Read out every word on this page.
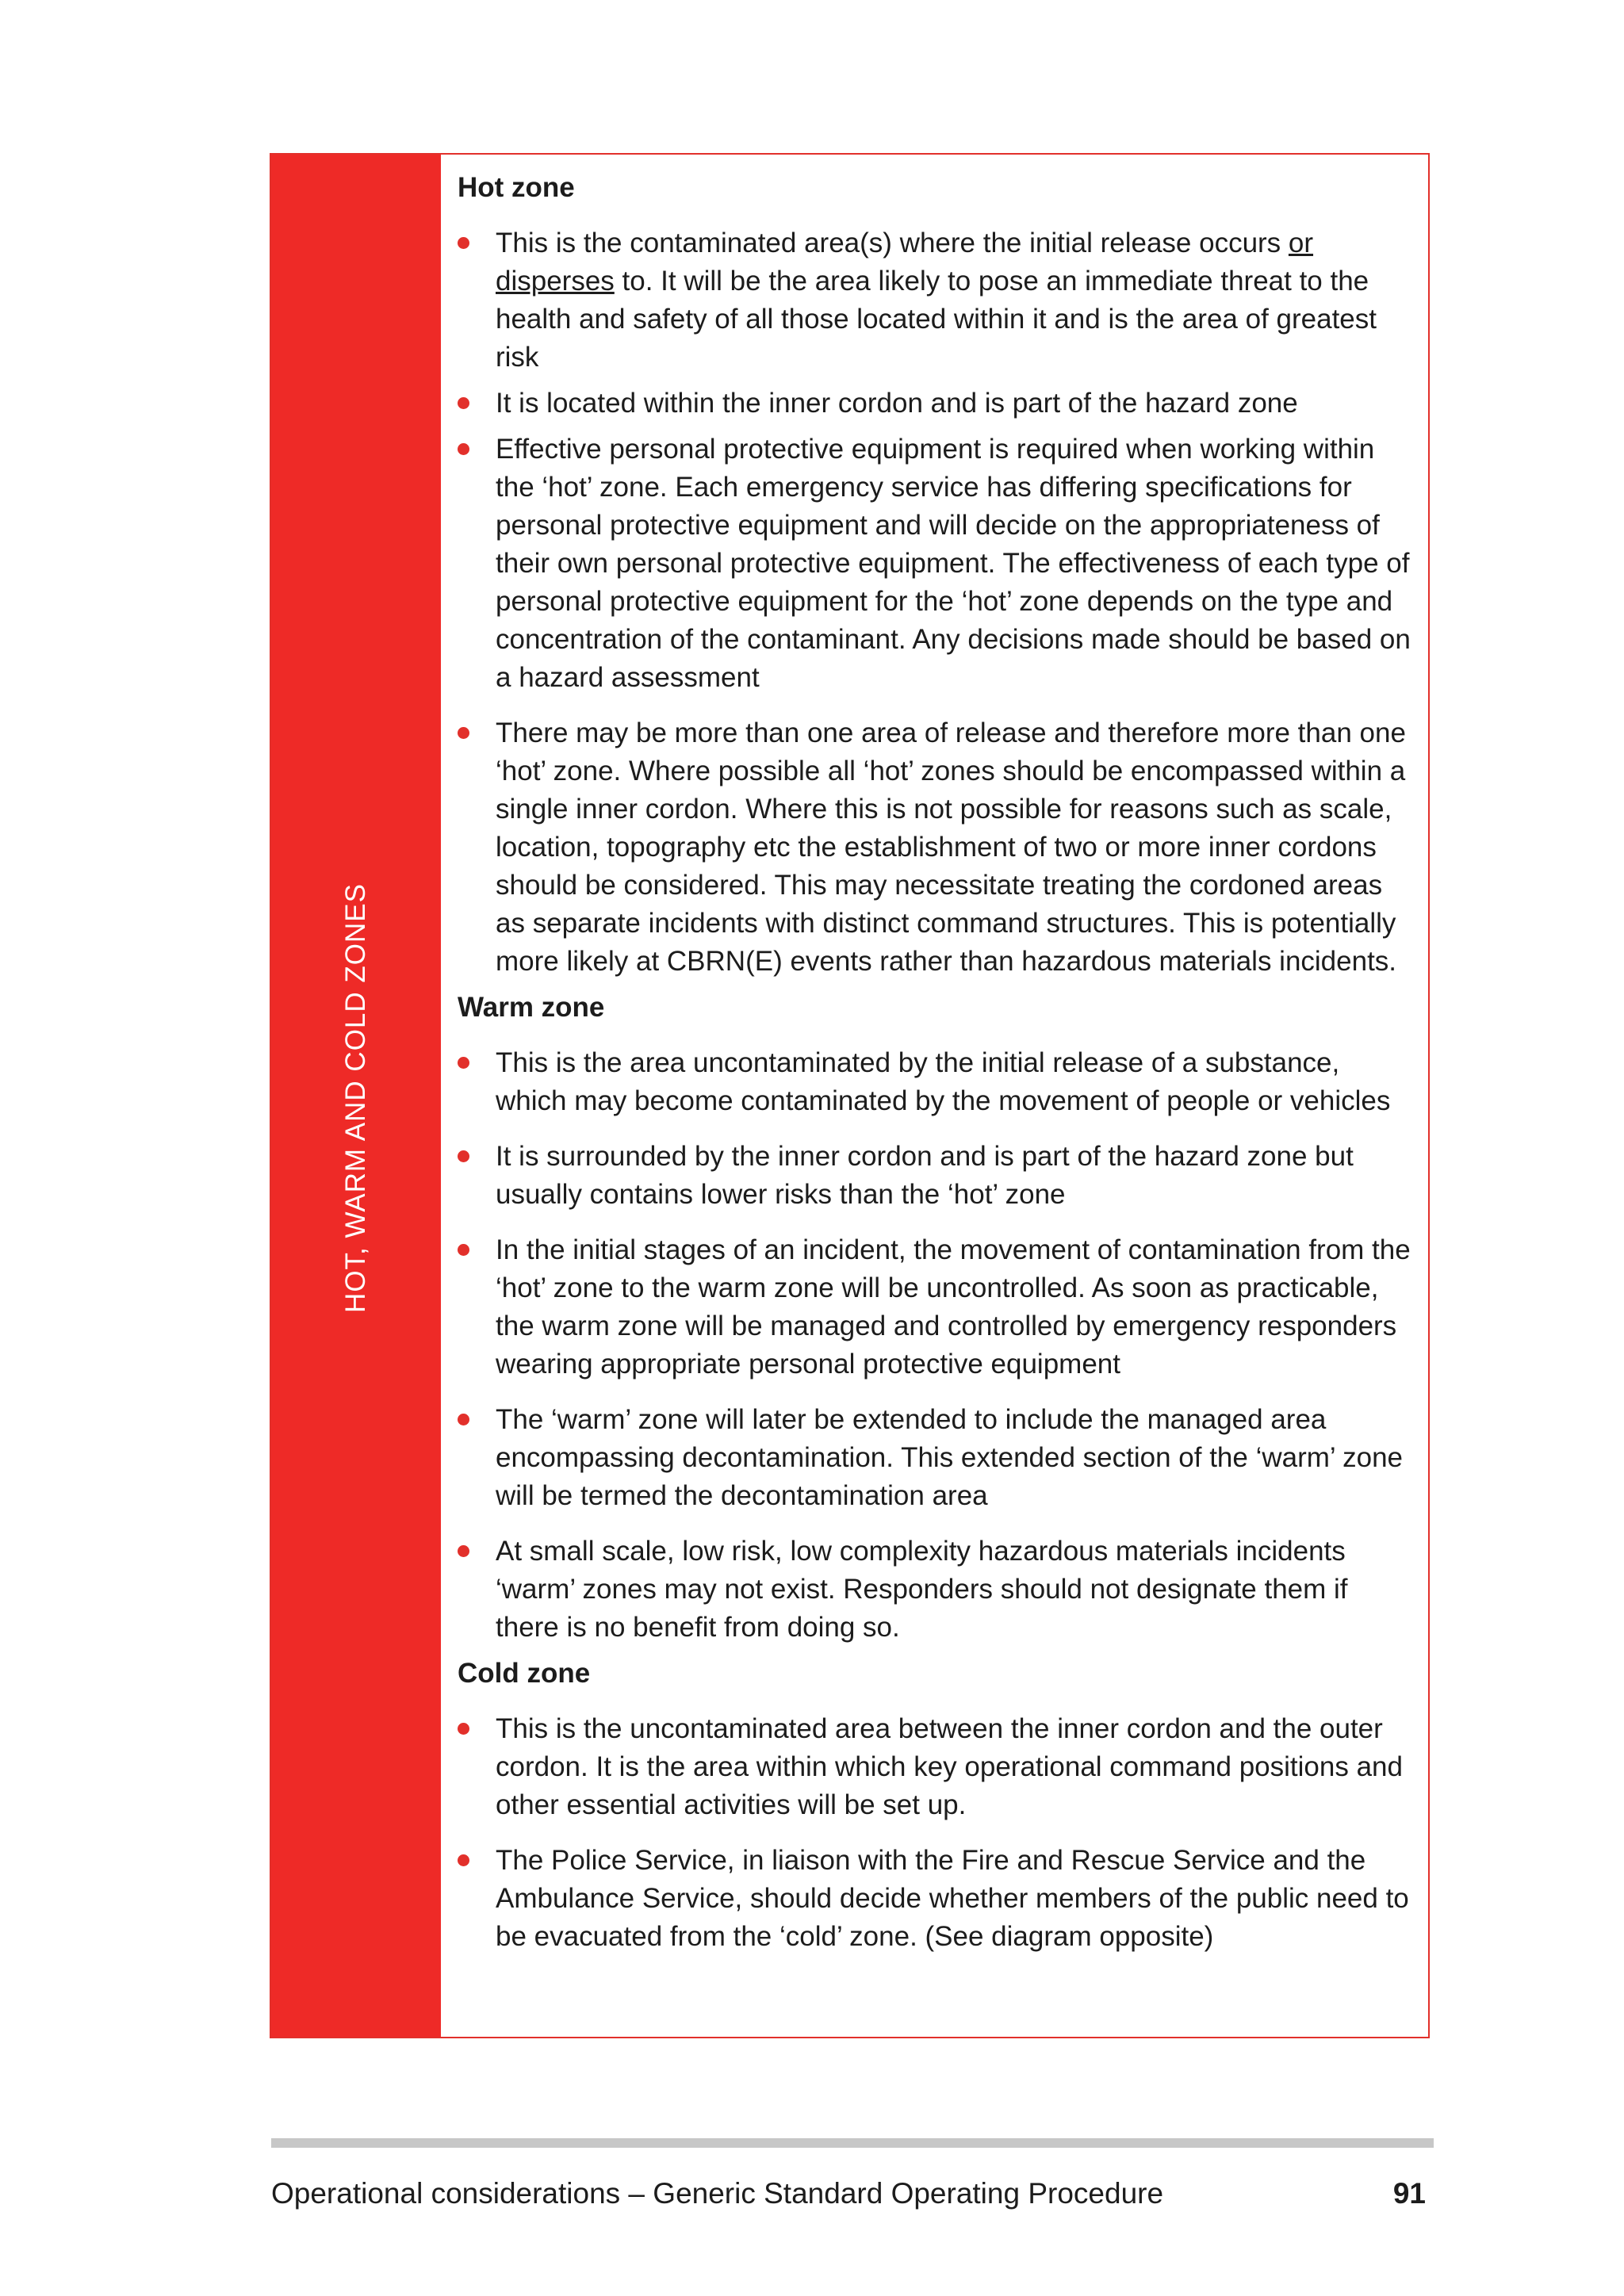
HOT, WARM AND COLD ZONES
Hot zone
This is the contaminated area(s) where the initial release occurs or disperses to. It will be the area likely to pose an immediate threat to the health and safety of all those located within it and is the area of greatest risk
It is located within the inner cordon and is part of the hazard zone
Effective personal protective equipment is required when working within the ‘hot’ zone. Each emergency service has differing specifications for personal protective equipment and will decide on the appropriateness of their own personal protective equipment. The effectiveness of each type of personal protective equipment for the ‘hot’ zone depends on the type and concentration of the contaminant. Any decisions made should be based on a hazard assessment
There may be more than one area of release and therefore more than one ‘hot’ zone. Where possible all ‘hot’ zones should be encompassed within a single inner cordon. Where this is not possible for reasons such as scale, location, topography etc the establishment of two or more inner cordons should be considered. This may necessitate treating the cordoned areas as separate incidents with distinct command structures. This is potentially more likely at CBRN(E) events rather than hazardous materials incidents.
Warm zone
This is the area uncontaminated by the initial release of a substance, which may become contaminated by the movement of people or vehicles
It is surrounded by the inner cordon and is part of the hazard zone but usually contains lower risks than the ‘hot’ zone
In the initial stages of an incident, the movement of contamination from the ‘hot’ zone to the warm zone will be uncontrolled. As soon as practicable, the warm zone will be managed and controlled by emergency responders wearing appropriate personal protective equipment
The ‘warm’ zone will later be extended to include the managed area encompassing decontamination. This extended section of the ‘warm’ zone will be termed the decontamination area
At small scale, low risk, low complexity hazardous materials incidents ‘warm’ zones may not exist. Responders should not designate them if there is no benefit from doing so.
Cold zone
This is the uncontaminated area between the inner cordon and the outer cordon. It is the area within which key operational command positions and other essential activities will be set up.
The Police Service, in liaison with the Fire and Rescue Service and the Ambulance Service, should decide whether members of the public need to be evacuated from the ‘cold’ zone. (See diagram opposite)
Operational considerations – Generic Standard Operating Procedure	91
